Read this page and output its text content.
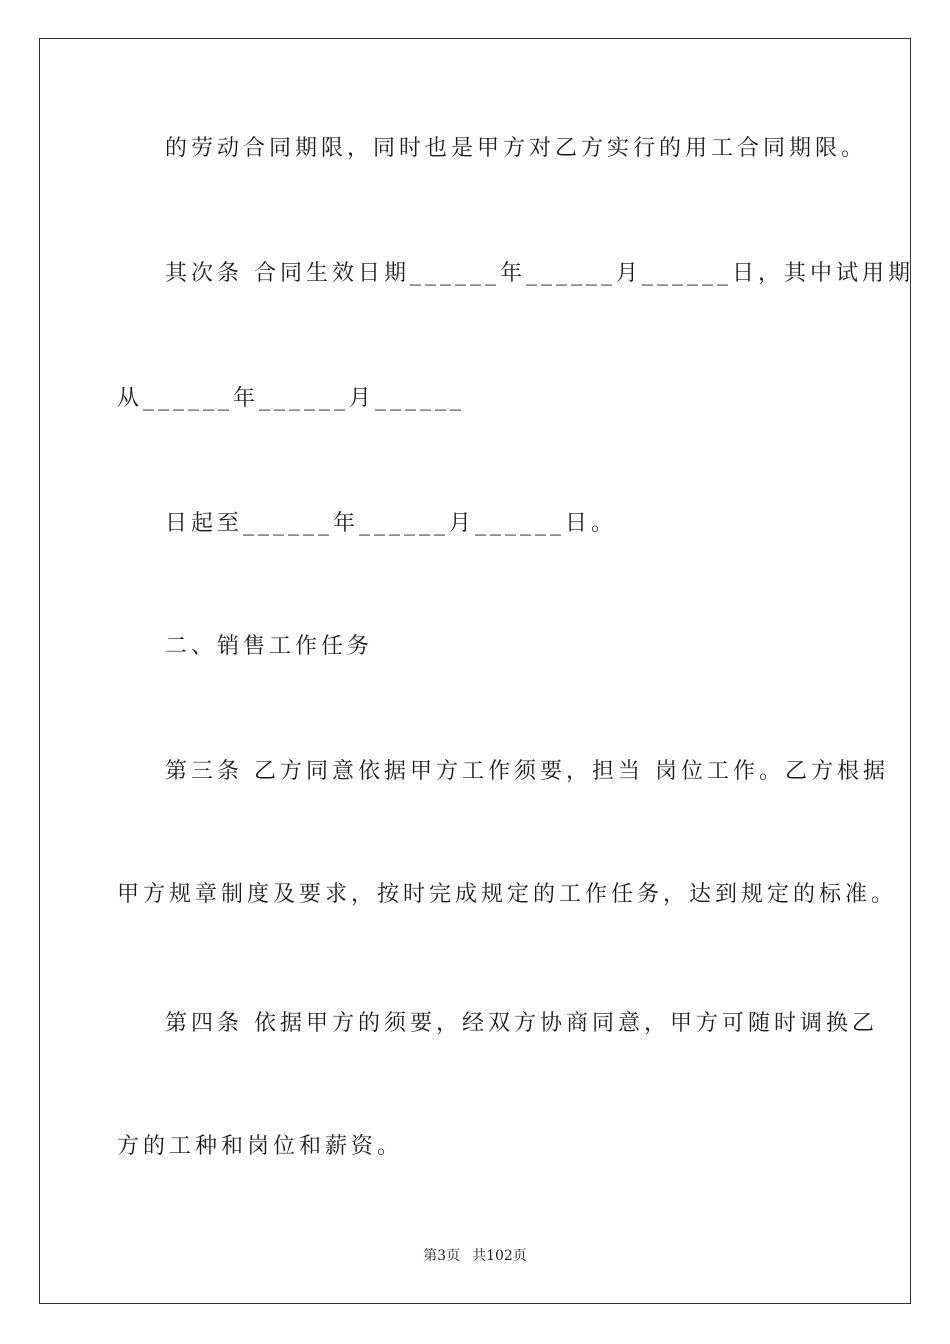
的劳动合同期限，同时也是甲方对乙方实行的用工合同期限。
其次条 合同生效日期______年______月______日，其中试用期
从______年______月______
日起至______年______月______日。
二、销售工作任务
第三条 乙方同意依据甲方工作须要，担当 岗位工作。乙方根据
甲方规章制度及要求，按时完成规定的工作任务，达到规定的标准。
第四条 依据甲方的须要，经双方协商同意，甲方可随时调换乙
方的工种和岗位和薪资。
第3页 共102页
